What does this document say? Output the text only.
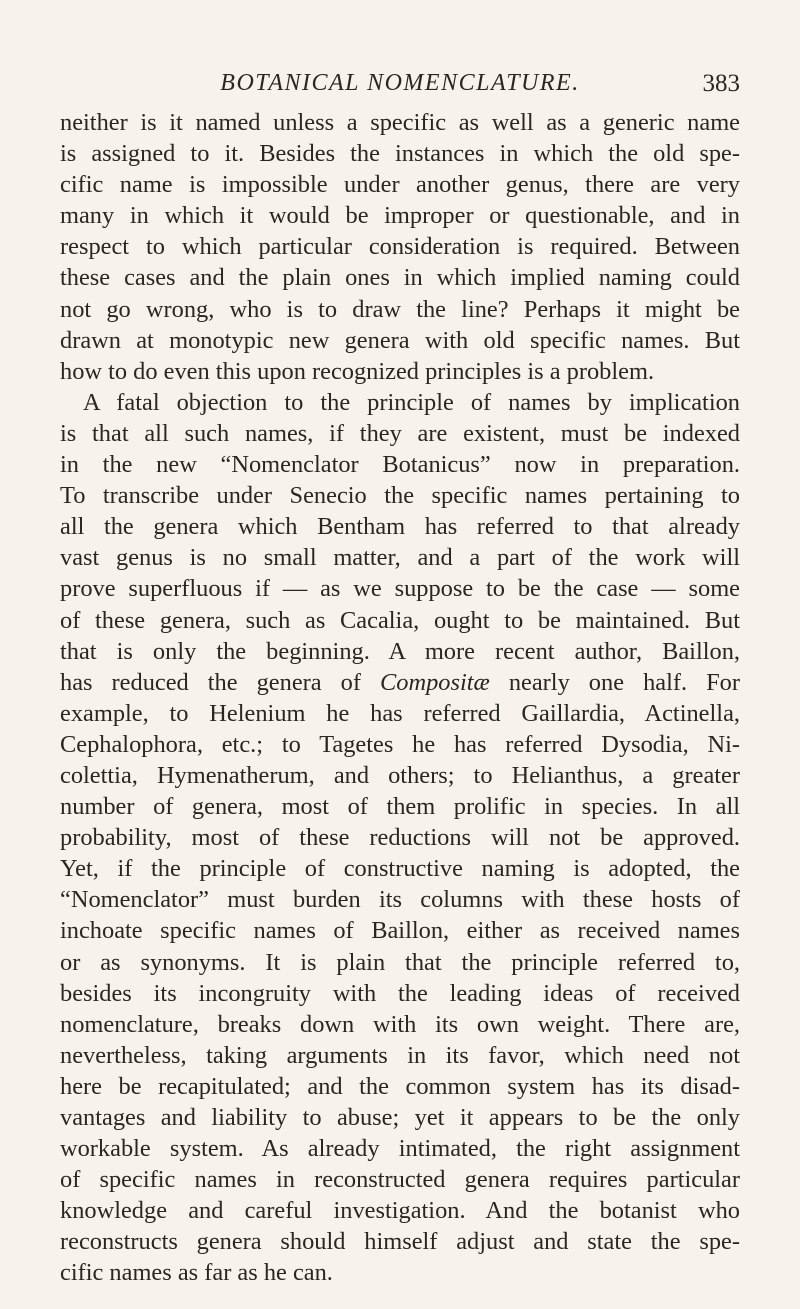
BOTANICAL NOMENCLATURE.	383
neither is it named unless a specific as well as a generic name
is assigned to it. Besides the instances in which the old spe-
cific name is impossible under another genus, there are very
many in which it would be improper or questionable, and in
respect to which particular consideration is required. Between
these cases and the plain ones in which implied naming could
not go wrong, who is to draw the line? Perhaps it might be
drawn at monotypic new genera with old specific names. But
how to do even this upon recognized principles is a problem.
A fatal objection to the principle of names by implication
is that all such names, if they are existent, must be indexed
in the new “Nomenclator Botanicus” now in preparation.
To transcribe under Senecio the specific names pertaining to
all the genera which Bentham has referred to that already
vast genus is no small matter, and a part of the work will
prove superfluous if — as we suppose to be the case — some
of these genera, such as Cacalia, ought to be maintained. But
that is only the beginning. A more recent author, Baillon,
has reduced the genera of Compositæ nearly one half. For
example, to Helenium he has referred Gaillardia, Actinella,
Cephalophora, etc.; to Tagetes he has referred Dysodia, Ni-
colettia, Hymenatherum, and others; to Helianthus, a greater
number of genera, most of them prolific in species. In all
probability, most of these reductions will not be approved.
Yet, if the principle of constructive naming is adopted, the
“Nomenclator” must burden its columns with these hosts of
inchoate specific names of Baillon, either as received names
or as synonyms. It is plain that the principle referred to,
besides its incongruity with the leading ideas of received
nomenclature, breaks down with its own weight. There are,
nevertheless, taking arguments in its favor, which need not
here be recapitulated; and the common system has its disad-
vantages and liability to abuse; yet it appears to be the only
workable system. As already intimated, the right assignment
of specific names in reconstructed genera requires particular
knowledge and careful investigation. And the botanist who
reconstructs genera should himself adjust and state the spe-
cific names as far as he can.
